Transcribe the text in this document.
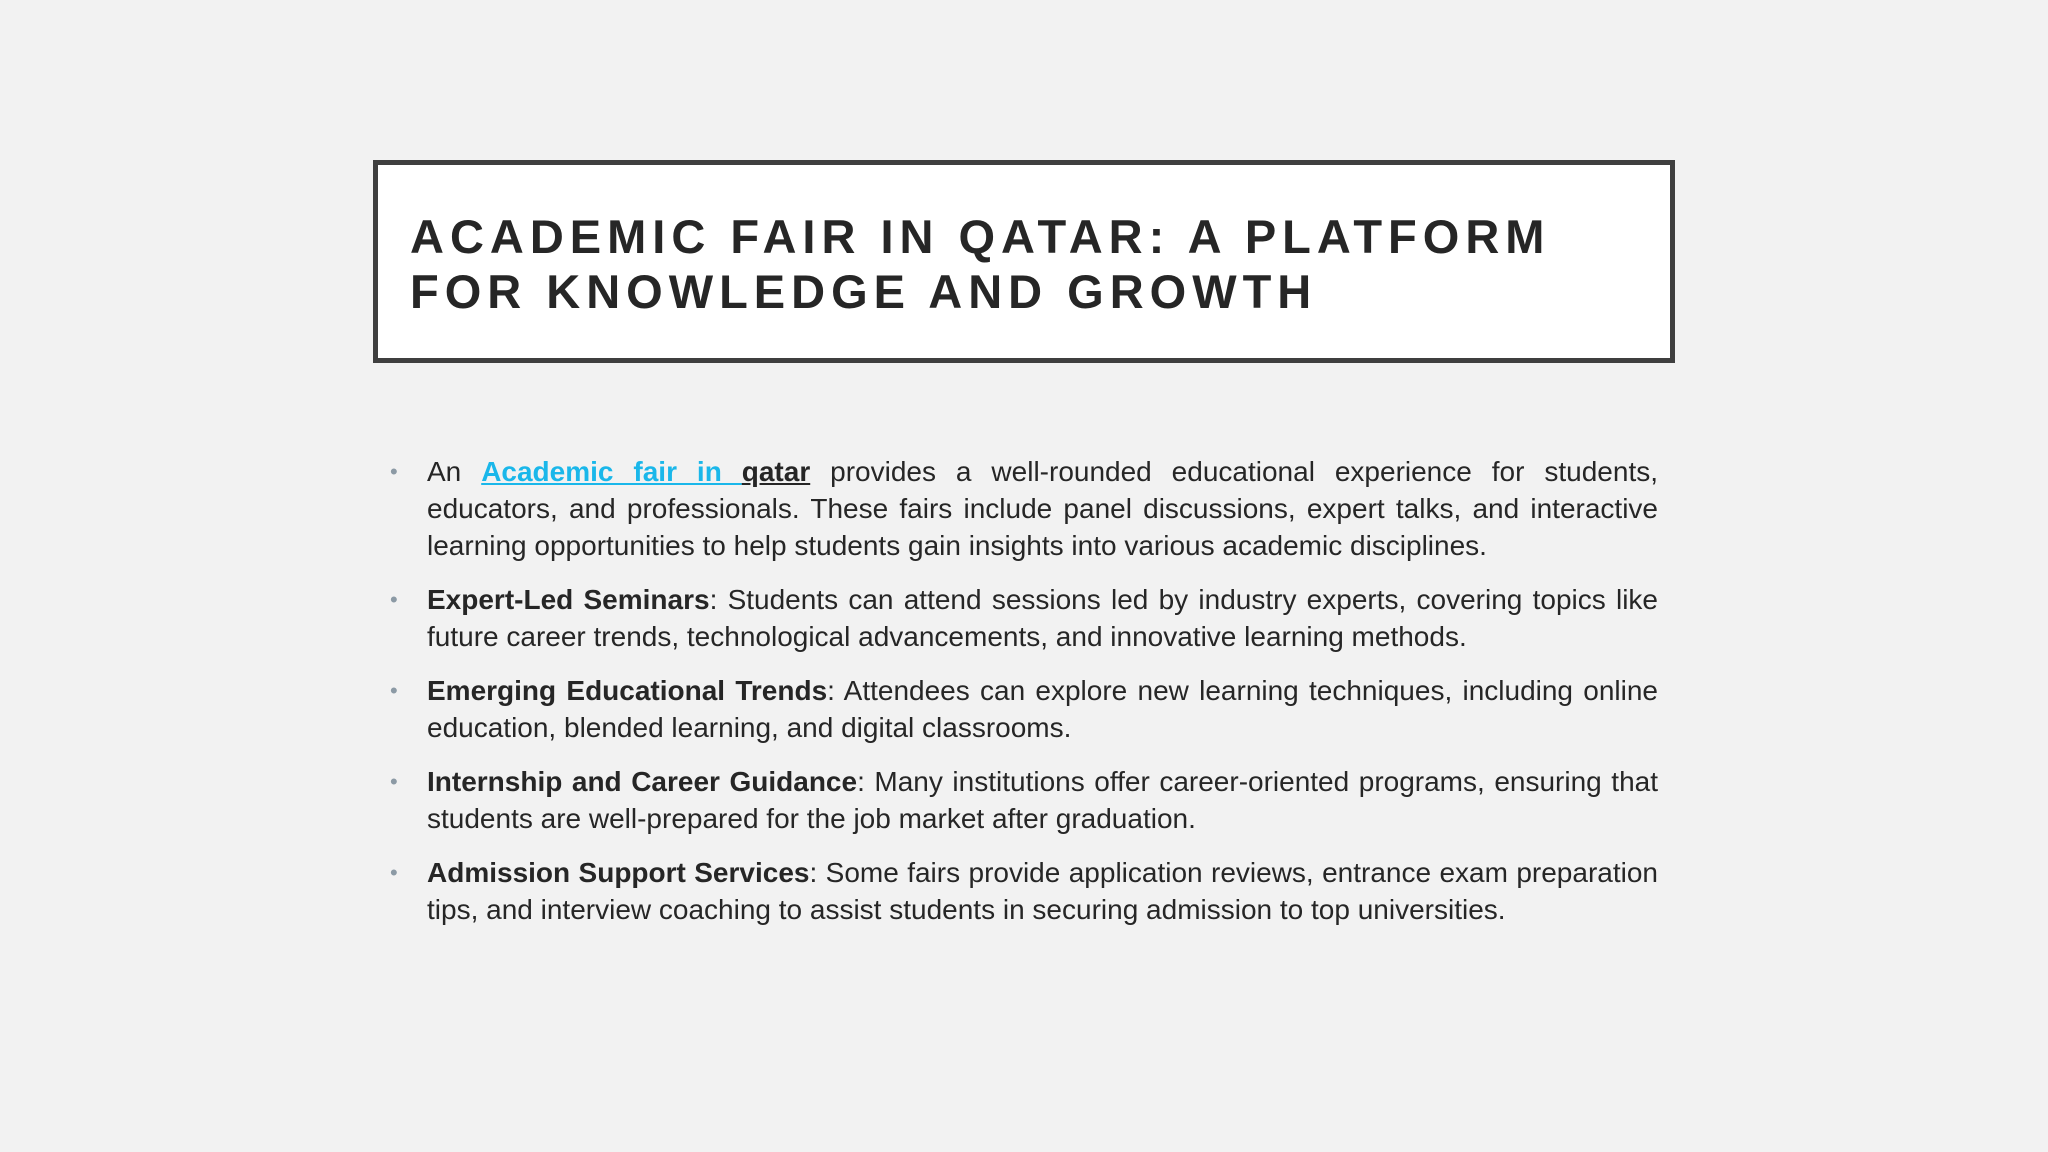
ACADEMIC FAIR IN QATAR: A PLATFORM
FOR KNOWLEDGE AND GROWTH
• An Academic fair in qatar provides a well-rounded educational experience for students, educators, and professionals. These fairs include panel discussions, expert talks, and interactive learning opportunities to help students gain insights into various academic disciplines.
• Expert-Led Seminars: Students can attend sessions led by industry experts, covering topics like future career trends, technological advancements, and innovative learning methods.
• Emerging Educational Trends: Attendees can explore new learning techniques, including online education, blended learning, and digital classrooms.
• Internship and Career Guidance: Many institutions offer career-oriented programs, ensuring that students are well-prepared for the job market after graduation.
• Admission Support Services: Some fairs provide application reviews, entrance exam preparation tips, and interview coaching to assist students in securing admission to top universities.
